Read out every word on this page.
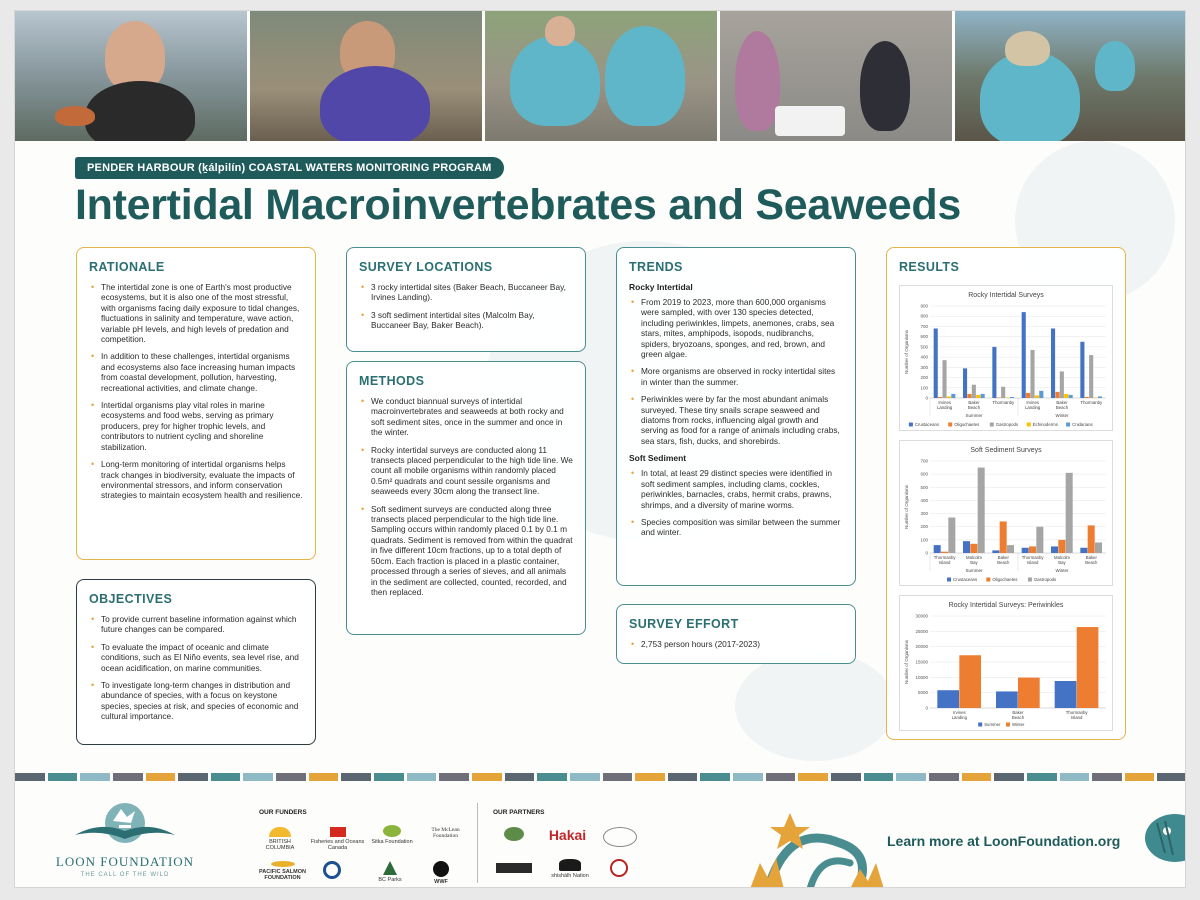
PENDER HARBOUR (ḵálpilín) COASTAL WATERS MONITORING PROGRAM
Intertidal Macroinvertebrates and Seaweeds
RATIONALE
• The intertidal zone is one of Earth's most productive ecosystems, but it is also one of the most stressful, with organisms facing daily exposure to tidal changes, fluctuations in salinity and temperature, wave action, variable pH levels, and high levels of predation and competition.
• In addition to these challenges, intertidal organisms and ecosystems also face increasing human impacts from coastal development, pollution, harvesting, recreational activities, and climate change.
• Intertidal organisms play vital roles in marine ecosystems and food webs, serving as primary producers, prey for higher trophic levels, and contributors to nutrient cycling and shoreline stabilization.
• Long-term monitoring of intertidal organisms helps track changes in biodiversity, evaluate the impacts of environmental stressors, and inform conservation strategies to maintain ecosystem health and resilience.
OBJECTIVES
• To provide current baseline information against which future changes can be compared.
• To evaluate the impact of oceanic and climate conditions, such as El Niño events, sea level rise, and ocean acidification, on marine communities.
• To investigate long-term changes in distribution and abundance of species, with a focus on keystone species, species at risk, and species of economic and cultural importance.
SURVEY LOCATIONS
• 3 rocky intertidal sites (Baker Beach, Buccaneer Bay, Irvines Landing).
• 3 soft sediment intertidal sites (Malcolm Bay, Buccaneer Bay, Baker Beach).
METHODS
• We conduct biannual surveys of intertidal macroinvertebrates and seaweeds at both rocky and soft sediment sites, once in the summer and once in the winter.
• Rocky intertidal surveys are conducted along 11 transects placed perpendicular to the high tide line. We count all mobile organisms within randomly placed 0.5m² quadrats and count sessile organisms and seaweeds every 30cm along the transect line.
• Soft sediment surveys are conducted along three transects placed perpendicular to the high tide line. Sampling occurs within randomly placed 0.1 by 0.1 m quadrats. Sediment is removed from within the quadrat in five different 10cm fractions, up to a total depth of 50cm. Each fraction is placed in a plastic container, processed through a series of sieves, and all animals in the sediment are collected, counted, recorded, and then replaced.
TRENDS
Rocky Intertidal
• From 2019 to 2023, more than 600,000 organisms were sampled, with over 130 species detected, including periwinkles, limpets, anemones, crabs, sea stars, mites, amphipods, isopods, nudibranchs, spiders, bryozoans, sponges, and red, brown, and green algae.
• More organisms are observed in rocky intertidal sites in winter than the summer.
• Periwinkles were by far the most abundant animals surveyed. These tiny snails scrape seaweed and diatoms from rocks, influencing algal growth and serving as food for a range of animals including crabs, sea stars, fish, ducks, and shorebirds.
Soft Sediment
• In total, at least 29 distinct species were identified in soft sediment samples, including clams, cockles, periwinkles, barnacles, crabs, hermit crabs, prawns, shrimps, and a diversity of marine worms.
• Species composition was similar between the summer and winter.
SURVEY EFFORT
• 2,753 person hours (2017-2023)
RESULTS
Rocky Intertidal Surveys
Number of Organisms
0
100
200
300
400
500
600
700
800
900
Irvines
Landing
Baker
Beach
Thormanby	Irvines
Landing
Baker
Beach
Thormanby
Summer	Winter
Crustaceans	Oligochaetes	Gastropods	Echinoderms	Cnidarians
Soft Sediment Surveys
Number of Organisms
0
100
200
300
400
500
600
700
Thormanby
Island
Malcolm
Bay
Baker
Beach
Thormanby
Island
Malcolm
Bay
Baker
Beach
Summer	Winter
Crustaceans	Oligochaetes	Gastropods
Rocky Intertidal Surveys: Periwinkles
Number of Organisms
0
5000
10000
15000
20000
25000
30000
Irvines
Landing
Baker
Beach
Thormanby
Island
Summer	Winter
LOON FOUNDATION
THE CALL OF THE WILD
OUR FUNDERS
BRITISH COLUMBIA
Fisheries and Oceans Canada
Sitka Foundation
The McLean Foundation
PACIFIC SALMON FOUNDATION	BC Parks	WWF
OUR PARTNERS
Hakai
shishálh Nation
Learn more at LoonFoundation.org
